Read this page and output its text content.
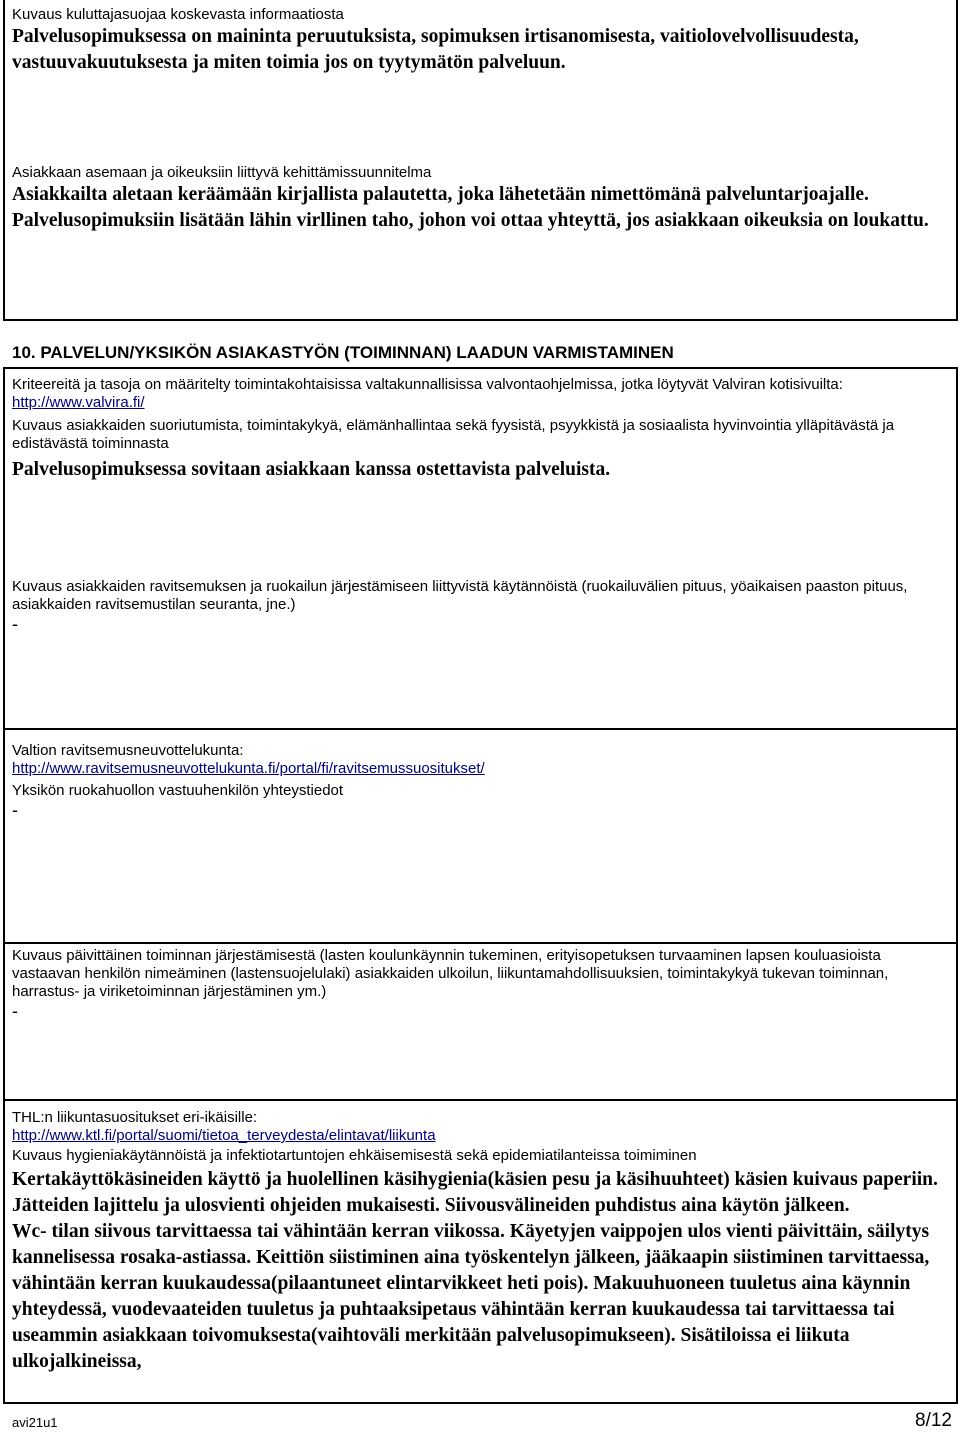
Kuvaus kuluttajasuojaa koskevasta informaatiosta

Palvelusopimuksessa on maininta peruutuksista, sopimuksen irtisanomisesta, vaitiolovelvollisuudesta, vastuuvakuutuksesta ja miten toimia jos on tyytymätön palveluun.

Asiakkaan asemaan ja oikeuksiin liittyvä kehittämissuunnitelma

Asiakkailta aletaan keräämään kirjallista palautetta, joka lähetetään nimettömänä palveluntarjoajalle. Palvelusopimuksiin lisätään lähin virllinen taho, johon voi ottaa yhteyttä, jos asiakkaan oikeuksia on loukattu.

10. PALVELUN/YKSIKÖN ASIAKASTYÖN (TOIMINNAN) LAADUN VARMISTAMINEN

Kriteereitä ja tasoja on määritelty toimintakohtaisissa valtakunnallisissa valvontaohjelmissa, jotka löytyvät Valviran kotisivuilta:
http://www.valvira.fi/

Kuvaus asiakkaiden suoriutumista, toimintakykyä, elämänhallintaa sekä fyysistä, psyykkistä ja sosiaalista hyvinvointia ylläpitävästä ja edistävästä toiminnasta

Palvelusopimuksessa sovitaan asiakkaan kanssa ostettavista palveluista.

Kuvaus asiakkaiden ravitsemuksen ja ruokailun järjestämiseen liittyvistä käytännöistä (ruokailuvälien pituus, yöaikaisen paaston pituus, asiakkaiden ravitsemustilan seuranta, jne.)

-

Valtion ravitsemusneuvottelukunta:

http://www.ravitsemusneuvottelukunta.fi/portal/fi/ravitsemussuositukset/

Yksikön ruokahuollon vastuuhenkilön yhteystiedot

-

Kuvaus päivittäinen toiminnan järjestämisestä (lasten koulunkäynnin tukeminen, erityisopetuksen turvaaminen lapsen kouluasioista vastaavan henkilön nimeäminen (lastensuojelulaki) asiakkaiden ulkoilun, liikuntamahdollisuuksien, toimintakykyä tukevan toiminnan, harrastus- ja viriketoiminnan järjestäminen ym.)

-

THL:n liikuntasuositukset eri-ikäisille:

http://www.ktl.fi/portal/suomi/tietoa_terveydesta/elintavat/liikunta

Kuvaus hygieniakäytännöistä ja infektiotartuntojen ehkäisemisestä sekä epidemiatilanteissa toimiminen

Kertakäyttökäsineiden käyttö ja huolellinen käsihygienia(käsien pesu ja käsihuuhteet) käsien kuivaus paperiin. Jätteiden lajittelu ja ulosvienti ohjeiden mukaisesti. Siivousvälineiden puhdistus aina käytön jälkeen.

Wc- tilan siivous tarvittaessa tai vähintään kerran viikossa. Käyetyjen vaippojen ulos vienti päivittäin, säilytys kannelisessa rosaka-astiassa. Keittiön siistiminen aina työskentelyn jälkeen, jääkaapin siistiminen tarvittaessa, vähintään kerran kuukaudessa(pilaantuneet elintarvikkeet heti pois). Makuuhuoneen tuuletus aina käynnin yhteydessä, vuodevaateiden tuuletus ja puhtaaksipetaus vähintään kerran kuukaudessa tai tarvittaessa tai useammin asiakkaan toivomuksesta(vaihtoväli merkitään palvelusopimukseen). Sisätiloissa ei liikuta ulkojalkineissa,

avi21u1	8/12
